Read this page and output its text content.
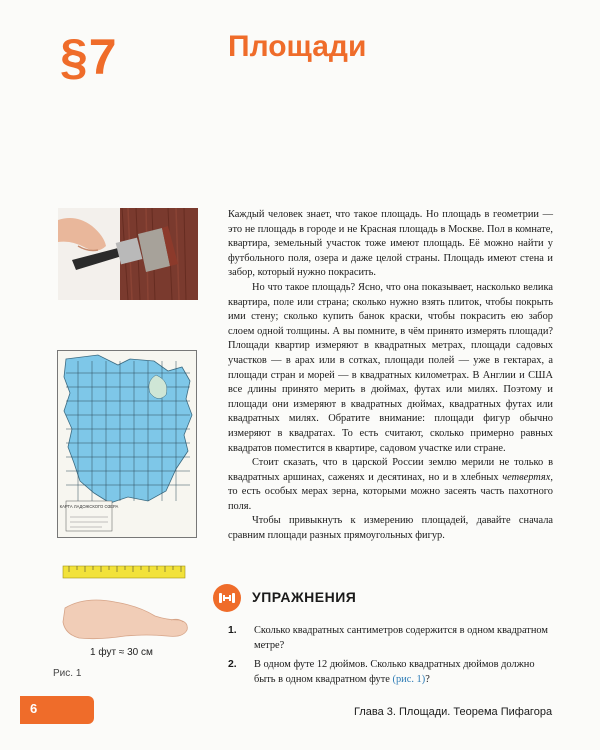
§7	Площади
КАРТА ЛАДОЖСКОГО ОЗЕРА
1 фут ≈ 30 см
Рис. 1

Каждый человек знает, что такое площадь. Но площадь в геометрии — это не площадь в городе и не Красная площадь в Москве. Пол в комнате, квартира, земельный участок тоже имеют площадь. Её можно найти у футбольного поля, озера и даже целой страны. Площадь имеют стена и забор, который нужно покрасить.

Но что такое площадь? Ясно, что она показывает, насколько велика квартира, поле или страна; сколько нужно взять плиток, чтобы покрыть ими стену; сколько купить банок краски, чтобы покрасить ею забор слоем одной толщины. А вы помните, в чём принято измерять площади? Площади квартир измеряют в квадратных метрах, площади садовых участков — в арах или в сотках, площади полей — уже в гектарах, а площади стран и морей — в квадратных километрах. В Англии и США все длины принято мерить в дюймах, футах или милях. Поэтому и площади они измеряют в квадратных дюймах, квадратных футах или квадратных милях. Обратите внимание: площади фигур обычно измеряют в квадратах. То есть считают, сколько примерно равных квадратов поместится в квартире, садовом участке или стране.

Стоит сказать, что в царской России землю мерили не только в квадратных аршинах, саженях и десятинах, но и в хлебных четвертях, то есть особых мерах зерна, которыми можно засеять часть пахотного поля.

Чтобы привыкнуть к измерению площадей, давайте сначала сравним площади разных прямоугольных фигур.

УПРАЖНЕНИЯ
1. Сколько квадратных сантиметров содержится в одном квадратном метре?
2. В одном футе 12 дюймов. Сколько квадратных дюймов должно быть в одном квадратном футе (рис. 1)?
6	Глава 3. Площади. Теорема Пифагора
